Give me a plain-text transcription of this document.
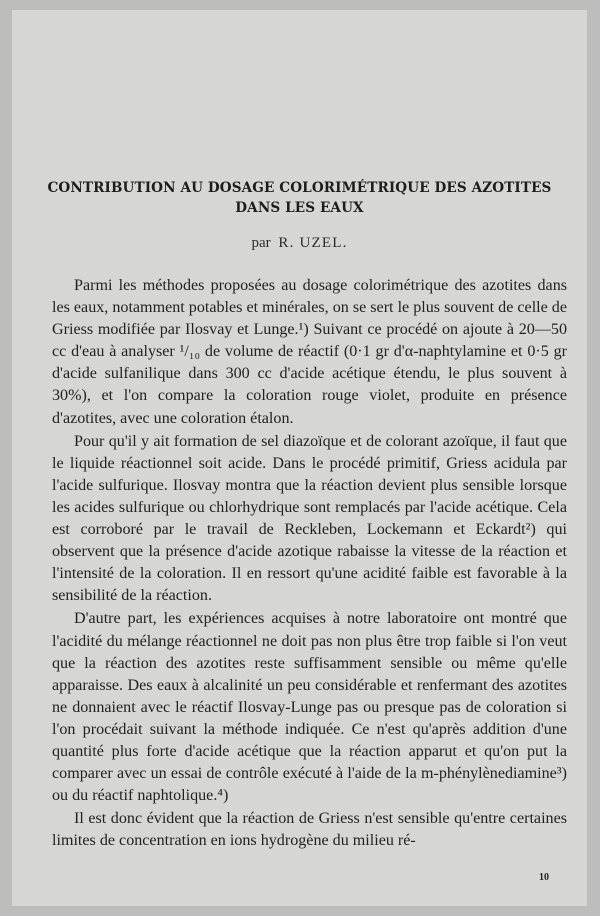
CONTRIBUTION AU DOSAGE COLORIMÉTRIQUE DES AZOTITES
DANS LES EAUX
par R. UZEL.

Parmi les méthodes proposées au dosage colorimétrique des azotites dans les eaux, notamment potables et minérales, on se sert le plus souvent de celle de Griess modifiée par Ilosvay et Lunge.¹) Suivant ce procédé on ajoute à 20—50 cc d'eau à analyser ¹/₁₀ de volume de réactif (0·1 gr d'α-naphtylamine et 0·5 gr d'acide sulfanilique dans 300 cc d'acide acétique étendu, le plus souvent à 30%), et l'on compare la coloration rouge violet, produite en présence d'azotites, avec une coloration étalon.

Pour qu'il y ait formation de sel diazoïque et de colorant azoïque, il faut que le liquide réactionnel soit acide. Dans le procédé primitif, Griess acidula par l'acide sulfurique. Ilosvay montra que la réaction devient plus sensible lorsque les acides sulfurique ou chlorhydrique sont remplacés par l'acide acétique. Cela est corroboré par le travail de Reckleben, Lockemann et Eckardt²) qui observent que la présence d'acide azotique rabaisse la vitesse de la réaction et l'intensité de la coloration. Il en ressort qu'une acidité faible est favorable à la sensibilité de la réaction.

D'autre part, les expériences acquises à notre laboratoire ont montré que l'acidité du mélange réactionnel ne doit pas non plus être trop faible si l'on veut que la réaction des azotites reste suffisamment sensible ou même qu'elle apparaisse. Des eaux à alcalinité un peu considérable et renfermant des azotites ne donnaient avec le réactif Ilosvay-Lunge pas ou presque pas de coloration si l'on procédait suivant la méthode indiquée. Ce n'est qu'après addition d'une quantité plus forte d'acide acétique que la réaction apparut et qu'on put la comparer avec un essai de contrôle exécuté à l'aide de la m-phénylènediamine³) ou du réactif naphtolique.⁴)

Il est donc évident que la réaction de Griess n'est sensible qu'entre certaines limites de concentration en ions hydrogène du milieu ré-

10
